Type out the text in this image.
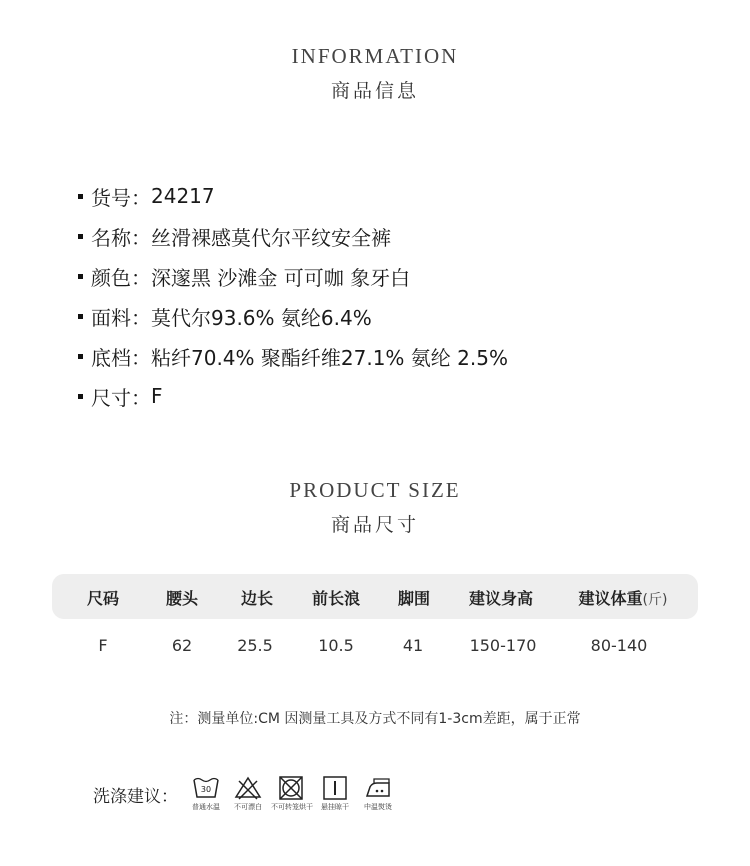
INFORMATION
商品信息
货号 ： 24217
名称 ： 丝滑裸感莫代尔平纹安全裤
颜色 ： 深邃黑 沙滩金 可可咖 象牙白
面料 ： 莫代尔93.6% 氨纶6.4%
底档 ： 粘纤70.4% 聚酯纤维27.1% 氨纶 2.5%
尺寸 ： F
PRODUCT SIZE
商品尺寸
尺码	腰头	边长 前长浪 脚围 建议身高	建议体重(斤)
F	62	25.5	10.5	41	150-170	80-140
注：测量单位:CM 因测量工具及方式不同有1-3cm差距，属于正常
洗涤建议：	30
普通水温	不可漂白	不可转笼烘干	悬挂晾干	中温熨烫
